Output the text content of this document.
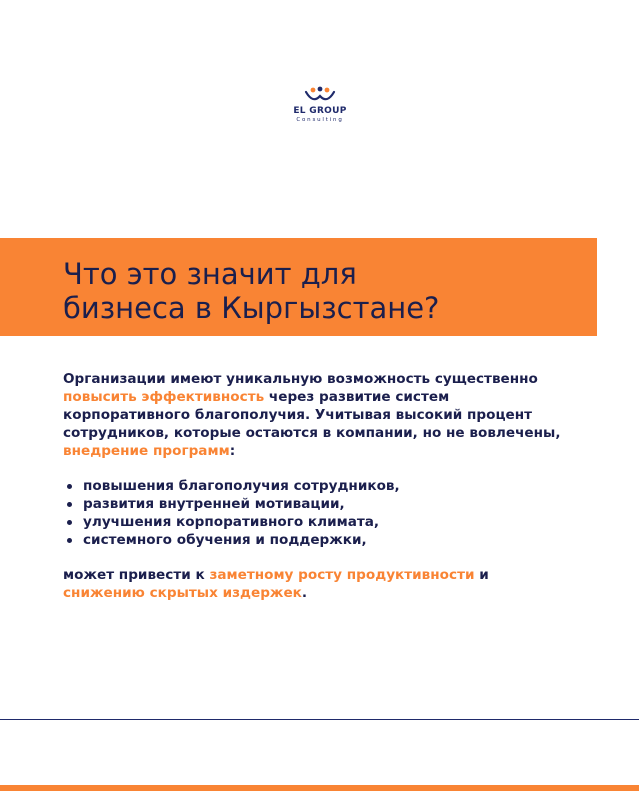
EL GROUP
Consulting
Что это значит для
бизнеса в Кыргызстане?

Организации имеют уникальную возможность существенно повысить эффективность через развитие систем корпоративного благополучия. Учитывая высокий процент сотрудников, которые остаются в компании, но не вовлечены, внедрение программ:

повышения благополучия сотрудников,
развития внутренней мотивации,
улучшения корпоративного климата,
системного обучения и поддержки,

может привести к заметному росту продуктивности и снижению скрытых издержек.
